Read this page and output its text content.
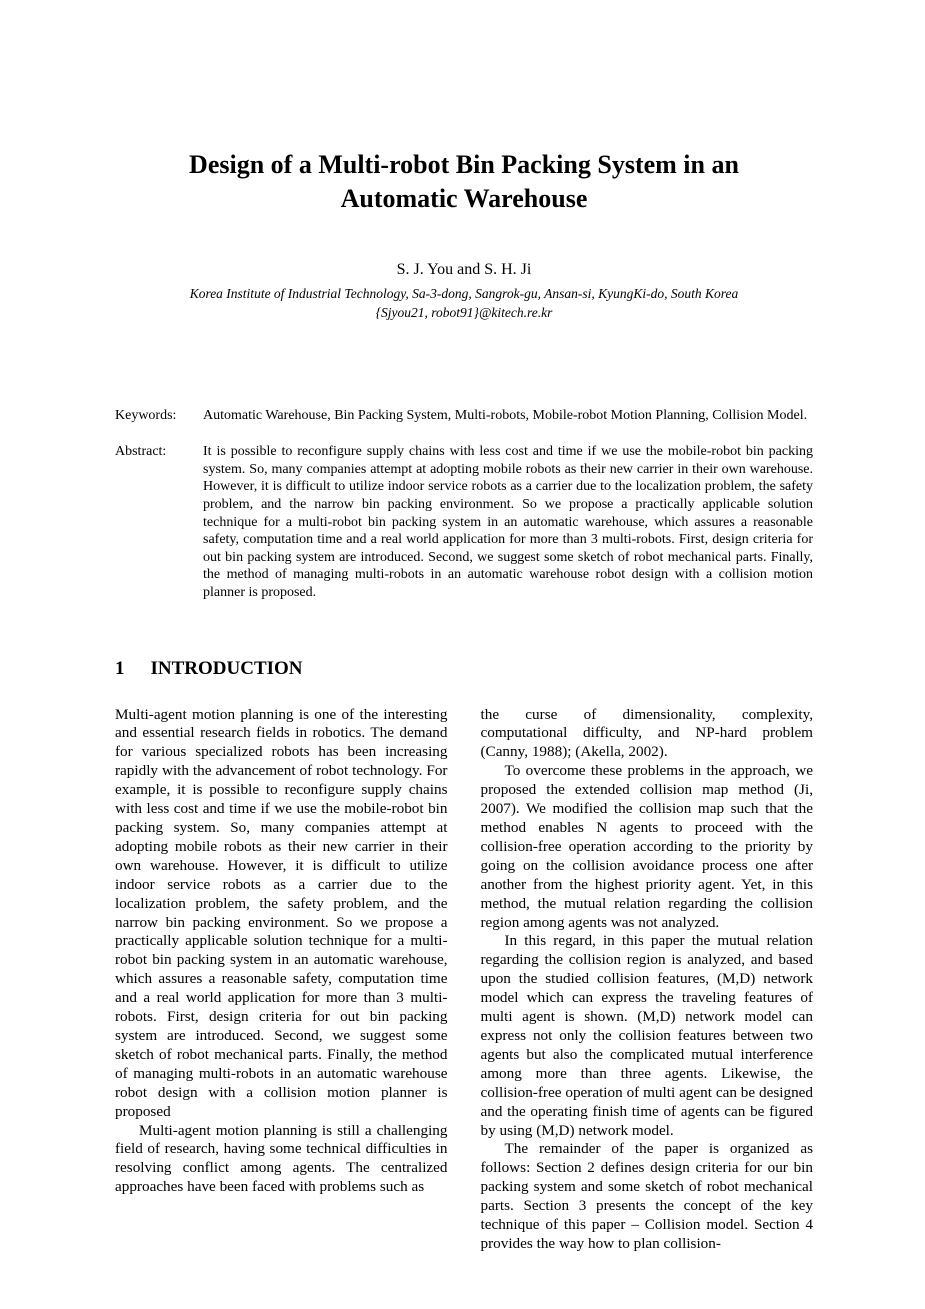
Design of a Multi-robot Bin Packing System in an Automatic Warehouse
S. J. You and S. H. Ji
Korea Institute of Industrial Technology, Sa-3-dong, Sangrok-gu, Ansan-si, KyungKi-do, South Korea
{Sjyou21, robot91}@kitech.re.kr
Keywords:	Automatic Warehouse, Bin Packing System, Multi-robots, Mobile-robot Motion Planning, Collision Model.
Abstract:	It is possible to reconfigure supply chains with less cost and time if we use the mobile-robot bin packing system. So, many companies attempt at adopting mobile robots as their new carrier in their own warehouse. However, it is difficult to utilize indoor service robots as a carrier due to the localization problem, the safety problem, and the narrow bin packing environment. So we propose a practically applicable solution technique for a multi-robot bin packing system in an automatic warehouse, which assures a reasonable safety, computation time and a real world application for more than 3 multi-robots. First, design criteria for out bin packing system are introduced. Second, we suggest some sketch of robot mechanical parts. Finally, the method of managing multi-robots in an automatic warehouse robot design with a collision motion planner is proposed.
1 INTRODUCTION

Multi-agent motion planning is one of the interesting and essential research fields in robotics. The demand for various specialized robots has been increasing rapidly with the advancement of robot technology. For example, it is possible to reconfigure supply chains with less cost and time if we use the mobile-robot bin packing system. So, many companies attempt at adopting mobile robots as their new carrier in their own warehouse. However, it is difficult to utilize indoor service robots as a carrier due to the localization problem, the safety problem, and the narrow bin packing environment. So we propose a practically applicable solution technique for a multi-robot bin packing system in an automatic warehouse, which assures a reasonable safety, computation time and a real world application for more than 3 multi-robots. First, design criteria for out bin packing system are introduced. Second, we suggest some sketch of robot mechanical parts. Finally, the method of managing multi-robots in an automatic warehouse robot design with a collision motion planner is proposed

Multi-agent motion planning is still a challenging field of research, having some technical difficulties in resolving conflict among agents. The centralized approaches have been faced with problems such as

the curse of dimensionality, complexity, computational difficulty, and NP-hard problem (Canny, 1988); (Akella, 2002).

To overcome these problems in the approach, we proposed the extended collision map method (Ji, 2007). We modified the collision map such that the method enables N agents to proceed with the collision-free operation according to the priority by going on the collision avoidance process one after another from the highest priority agent. Yet, in this method, the mutual relation regarding the collision region among agents was not analyzed.

In this regard, in this paper the mutual relation regarding the collision region is analyzed, and based upon the studied collision features, (M,D) network model which can express the traveling features of multi agent is shown. (M,D) network model can express not only the collision features between two agents but also the complicated mutual interference among more than three agents. Likewise, the collision-free operation of multi agent can be designed and the operating finish time of agents can be figured by using (M,D) network model.

The remainder of the paper is organized as follows: Section 2 defines design criteria for our bin packing system and some sketch of robot mechanical parts. Section 3 presents the concept of the key technique of this paper – Collision model. Section 4 provides the way how to plan collision-
